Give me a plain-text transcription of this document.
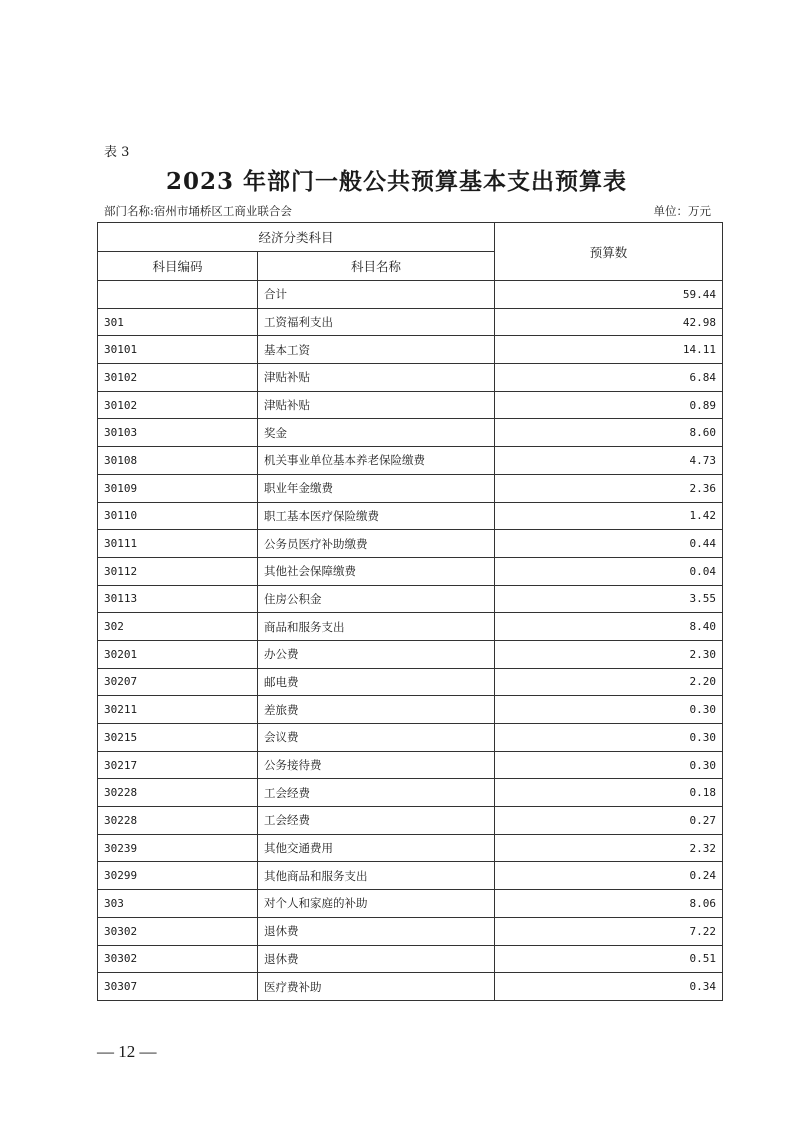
表 3
2023 年部门一般公共预算基本支出预算表
部门名称:宿州市埇桥区工商业联合会	单位：万元
经济分类科目		预算数
科目编码	科目名称	
	合计	59.44
301	工资福利支出	42.98
30101	基本工资	14.11
30102	津贴补贴	6.84
30102	津贴补贴	0.89
30103	奖金	8.60
30108	机关事业单位基本养老保险缴费	4.73
30109	职业年金缴费	2.36
30110	职工基本医疗保险缴费	1.42
30111	公务员医疗补助缴费	0.44
30112	其他社会保障缴费	0.04
30113	住房公积金	3.55
302	商品和服务支出	8.40
30201	办公费	2.30
30207	邮电费	2.20
30211	差旅费	0.30
30215	会议费	0.30
30217	公务接待费	0.30
30228	工会经费	0.18
30228	工会经费	0.27
30239	其他交通费用	2.32
30299	其他商品和服务支出	0.24
303	对个人和家庭的补助	8.06
30302	退休费	7.22
30302	退休费	0.51
30307	医疗费补助	0.34
— 12 —
